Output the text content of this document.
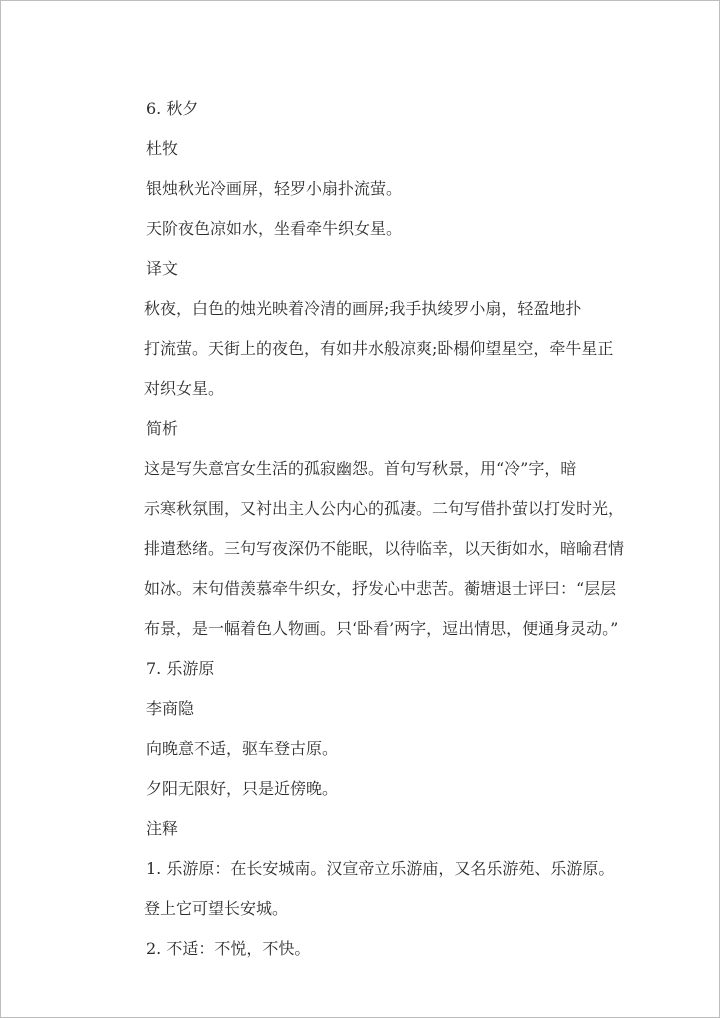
6. 秋夕
杜牧
银烛秋光冷画屏，轻罗小扇扑流萤。
天阶夜色凉如水，坐看牵牛织女星。
译文
秋夜，白色的烛光映着冷清的画屏;我手执绫罗小扇，轻盈地扑
打流萤。天街上的夜色，有如井水般凉爽;卧榻仰望星空，牵牛星正
对织女星。
简析
这是写失意宫女生活的孤寂幽怨。首句写秋景，用“冷”字，暗
示寒秋氛围，又衬出主人公内心的孤凄。二句写借扑萤以打发时光，
排遣愁绪。三句写夜深仍不能眠，以待临幸，以天街如水，暗喻君情
如冰。末句借羡慕牵牛织女，抒发心中悲苦。蘅塘退士评曰：“层层
布景，是一幅着色人物画。只‘卧看’两字，逗出情思，便通身灵动。”
7. 乐游原
李商隐
向晚意不适，驱车登古原。
夕阳无限好，只是近傍晚。
注释
1. 乐游原：在长安城南。汉宣帝立乐游庙，又名乐游苑、乐游原。
登上它可望长安城。
2. 不适：不悦，不快。
